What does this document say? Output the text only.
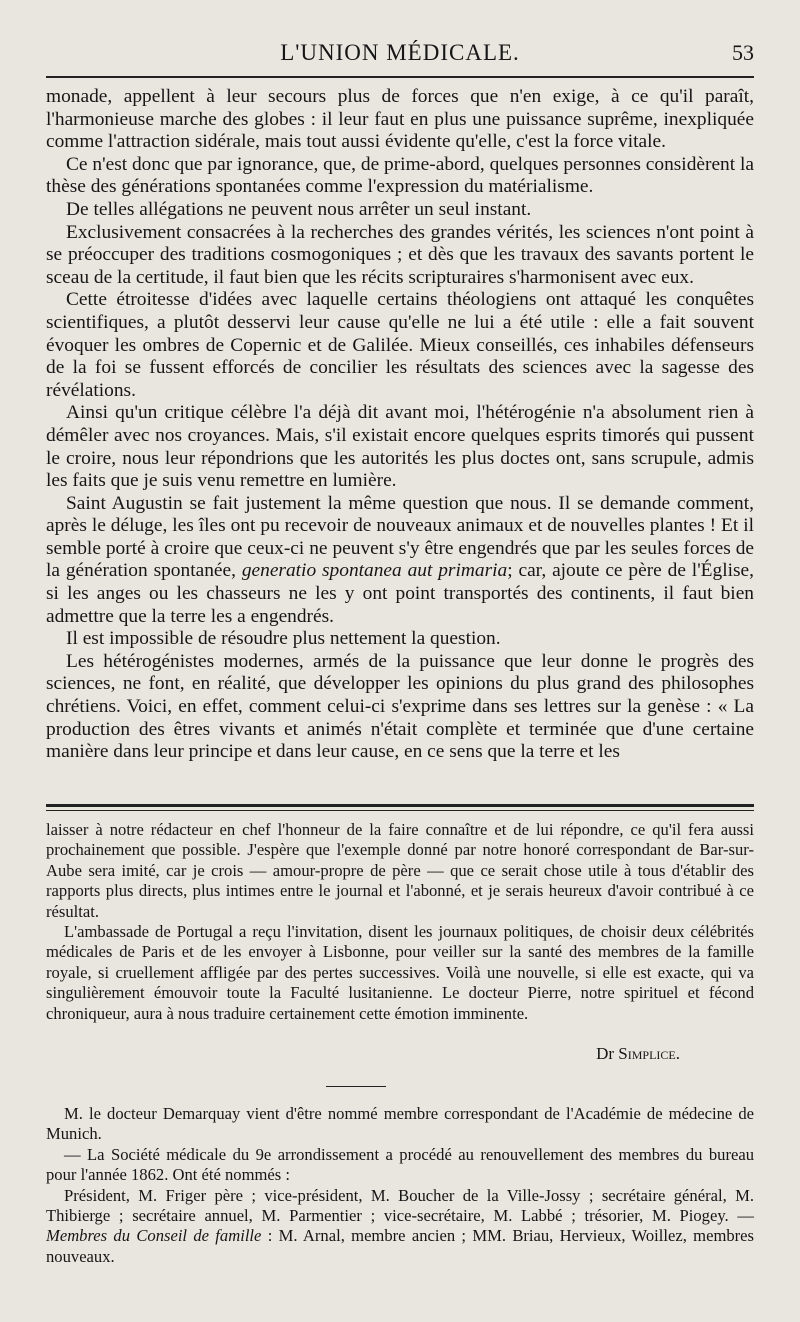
L'UNION MÉDICALE.	53

monade, appellent à leur secours plus de forces que n'en exige, à ce qu'il paraît, l'harmonieuse marche des globes : il leur faut en plus une puissance suprême, inexpliquée comme l'attraction sidérale, mais tout aussi évidente qu'elle, c'est la force vitale.

Ce n'est donc que par ignorance, que, de prime-abord, quelques personnes considèrent la thèse des générations spontanées comme l'expression du matérialisme.

De telles allégations ne peuvent nous arrêter un seul instant.

Exclusivement consacrées à la recherches des grandes vérités, les sciences n'ont point à se préoccuper des traditions cosmogoniques ; et dès que les travaux des savants portent le sceau de la certitude, il faut bien que les récits scripturaires s'harmonisent avec eux.

Cette étroitesse d'idées avec laquelle certains théologiens ont attaqué les conquêtes scientifiques, a plutôt desservi leur cause qu'elle ne lui a été utile : elle a fait souvent évoquer les ombres de Copernic et de Galilée. Mieux conseillés, ces inhabiles défenseurs de la foi se fussent efforcés de concilier les résultats des sciences avec la sagesse des révélations.

Ainsi qu'un critique célèbre l'a déjà dit avant moi, l'hétérogénie n'a absolument rien à démêler avec nos croyances. Mais, s'il existait encore quelques esprits timorés qui pussent le croire, nous leur répondrions que les autorités les plus doctes ont, sans scrupule, admis les faits que je suis venu remettre en lumière.

Saint Augustin se fait justement la même question que nous. Il se demande comment, après le déluge, les îles ont pu recevoir de nouveaux animaux et de nouvelles plantes ! Et il semble porté à croire que ceux-ci ne peuvent s'y être engendrés que par les seules forces de la génération spontanée, generatio spontanea aut primaria; car, ajoute ce père de l'Église, si les anges ou les chasseurs ne les y ont point transportés des continents, il faut bien admettre que la terre les a engendrés.

Il est impossible de résoudre plus nettement la question.

Les hétérogénistes modernes, armés de la puissance que leur donne le progrès des sciences, ne font, en réalité, que développer les opinions du plus grand des philosophes chrétiens. Voici, en effet, comment celui-ci s'exprime dans ses lettres sur la genèse : « La production des êtres vivants et animés n'était complète et terminée que d'une certaine manière dans leur principe et dans leur cause, en ce sens que la terre et les

laisser à notre rédacteur en chef l'honneur de la faire connaître et de lui répondre, ce qu'il fera aussi prochainement que possible. J'espère que l'exemple donné par notre honoré correspondant de Bar-sur-Aube sera imité, car je crois — amour-propre de père — que ce serait chose utile à tous d'établir des rapports plus directs, plus intimes entre le journal et l'abonné, et je serais heureux d'avoir contribué à ce résultat.

L'ambassade de Portugal a reçu l'invitation, disent les journaux politiques, de choisir deux célébrités médicales de Paris et de les envoyer à Lisbonne, pour veiller sur la santé des membres de la famille royale, si cruellement affligée par des pertes successives. Voilà une nouvelle, si elle est exacte, qui va singulièrement émouvoir toute la Faculté lusitanienne. Le docteur Pierre, notre spirituel et fécond chroniqueur, aura à nous traduire certainement cette émotion imminente.

Dr Simplice.

M. le docteur Demarquay vient d'être nommé membre correspondant de l'Académie de médecine de Munich.

— La Société médicale du 9e arrondissement a procédé au renouvellement des membres du bureau pour l'année 1862. Ont été nommés :

Président, M. Friger père ; vice-président, M. Boucher de la Ville-Jossy ; secrétaire général, M. Thibierge ; secrétaire annuel, M. Parmentier ; vice-secrétaire, M. Labbé ; trésorier, M. Piogey. — Membres du Conseil de famille : M. Arnal, membre ancien ; MM. Briau, Hervieux, Woillez, membres nouveaux.
